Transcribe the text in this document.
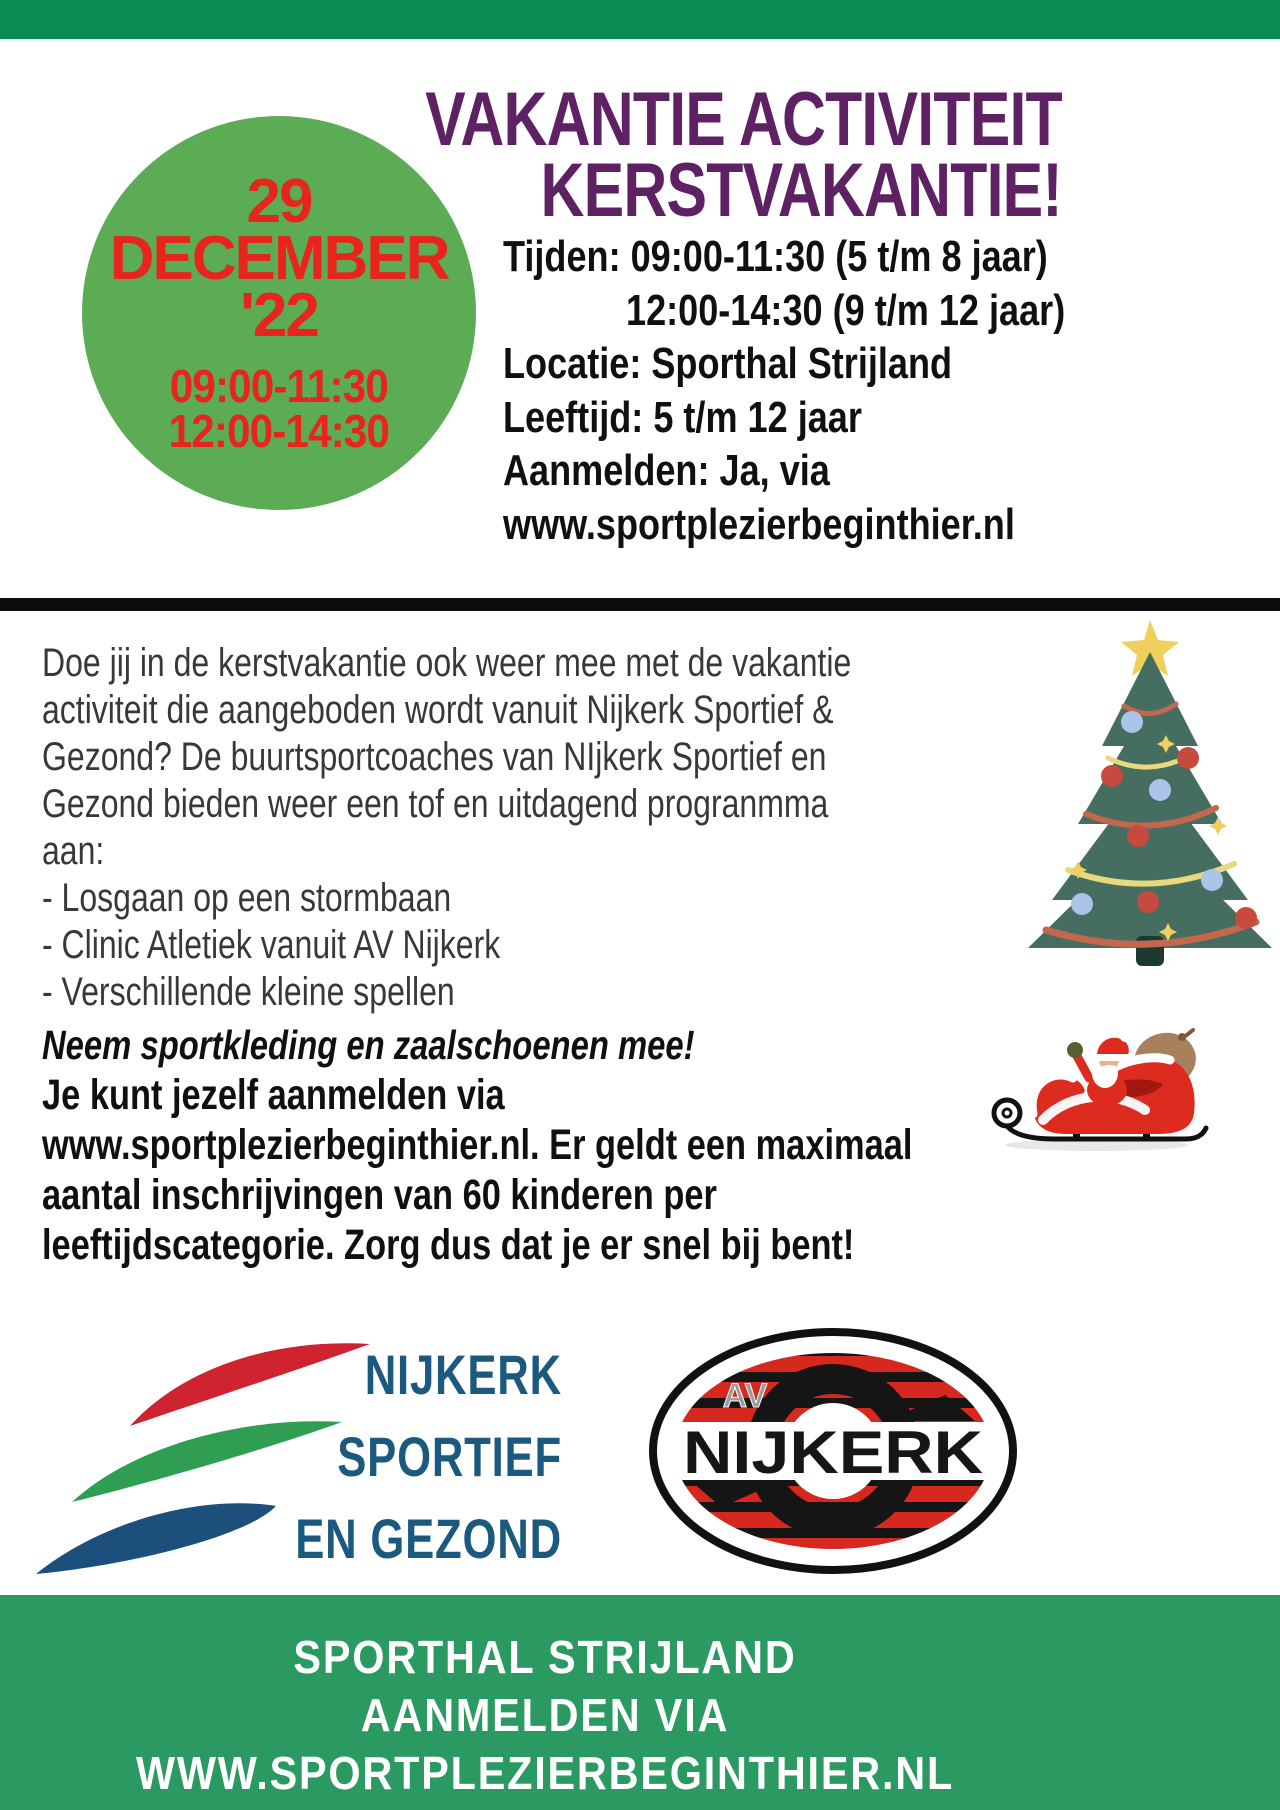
VAKANTIE ACTIVITEIT
KERSTVAKANTIE!
29
DECEMBER
'22
09:00-11:30
12:00-14:30
Tijden: 09:00-11:30 (5 t/m 8 jaar)
12:00-14:30 (9 t/m 12 jaar)
Locatie: Sporthal Strijland
Leeftijd: 5 t/m 12 jaar
Aanmelden: Ja, via
www.sportplezierbeginthier.nl
Doe jij in de kerstvakantie ook weer mee met de vakantie
activiteit die aangeboden wordt vanuit Nijkerk Sportief &
Gezond? De buurtsportcoaches van NIjkerk Sportief en
Gezond bieden weer een tof en uitdagend progranmma
aan:
- Losgaan op een stormbaan
- Clinic Atletiek vanuit AV Nijkerk
- Verschillende kleine spellen
Neem sportkleding en zaalschoenen mee!
Je kunt jezelf aanmelden via
www.sportplezierbeginthier.nl. Er geldt een maximaal
aantal inschrijvingen van 60 kinderen per
leeftijdscategorie. Zorg dus dat je er snel bij bent!
NIJKERK
SPORTIEF
EN GEZOND
AV
NIJKERK
SPORTHAL STRIJLAND
AANMELDEN VIA
WWW.SPORTPLEZIERBEGINTHIER.NL
